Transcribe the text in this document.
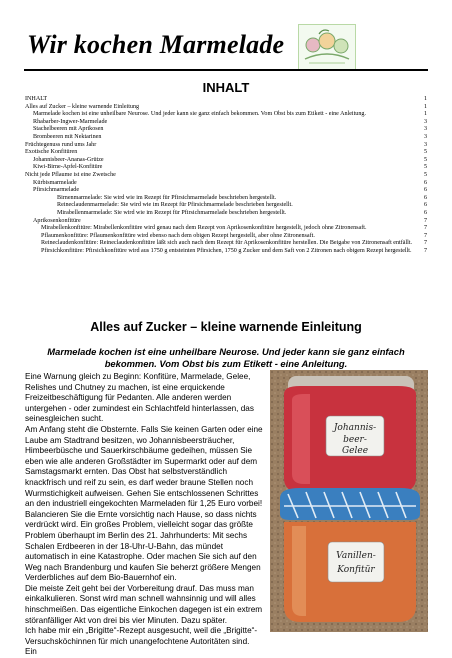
Wir kochen Marmelade
INHALT
INHALT	1
Alles auf Zucker – kleine warnende Einleitung	1
Marmelade kochen ist eine unheilbare Neurose. Und jeder kann sie ganz einfach bekommen. Vom Obst bis zum Etikett - eine Anleitung.	1
Rhabarber-Ingwer-Marmelade	3
Stachelbeeren mit Aprikosen	3
Brombeeren mit Nektarinen	3
Früchtegenuss rund ums Jahr	3
Exotische Konfitüren	5
Johannisbeer-Ananas-Grütze	5
Kiwi-Birne-Apfel-Konfitüre	5
Nicht jede Pflaume ist eine Zwetsche	5
Kürbismarmelade	6
Pfirsichmarmelade	6
Birnenmarmelade: Sie wird wie im Rezept für Pfirsichmarmelade beschrieben hergestellt.	6
Reineclaudenmarmelade: Sie wird wie im Rezept für Pfirsichmarmelade beschrieben hergestellt.	6
Mirabellenmarmelade: Sie wird wie im Rezept für Pfirsichmarmelade beschrieben hergestellt.	6
Aprikosenkonfitüre	7
Mirabellenkonfitüre: Mirabellenkonfitüre wird genau nach dem Rezept von Aprikosenkonfitüre hergestellt, jedoch ohne Zitronensaft.	7
Pflaumenkonfitüre: Pflaumenkonfitüre wird ebenso nach dem obigen Rezept hergestellt, aber ohne Zitronensaft.	7
Reineclaudenkonfitüre: Reineclaudenkonfitüre läßt sich auch nach dem Rezept für Aprikosenkonfitüre herstellen. Die Beigabe von Zitronensaft entfällt. 7
Pfirsichkonfitüre: Pfirsichkonfitüre wird aus 1750 g entsteinten Pfirsichen, 1750 g Zucker und dem Saft von 2 Zitronen nach obigem Rezept hergestellt. 7
Alles auf Zucker – kleine warnende Einleitung
Marmelade kochen ist eine unheilbare Neurose. Und jeder kann sie ganz einfach bekommen. Vom Obst bis zum Etikett - eine Anleitung.

Eine Warnung gleich zu Beginn: Konfitüre, Marmelade, Gelee, Relishes und Chutney zu machen, ist eine erquickende Freizeitbeschäftigung für Pedanten. Alle anderen werden untergehen - oder zumindest ein Schlachtfeld hinterlassen, das seinesgleichen sucht.

Am Anfang steht die Obsternte. Falls Sie keinen Garten oder eine Laube am Stadtrand besitzen, wo Johannisbeersträucher, Himbeerbüsche und Sauerkirschbäume gedeihen, müssen Sie eben wie alle anderen Großstädter im Supermarkt oder auf dem Samstagsmarkt ernten. Das Obst hat selbstverständlich knackfrisch und reif zu sein, es darf weder braune Stellen noch Wurmstichigkeit aufweisen. Gehen Sie entschlossenen Schrittes an den industriell eingekochten Marmeladen für 1,25 Euro vorbei! Balancieren Sie die Ernte vorsichtig nach Hause, so dass nichts verdrückt wird. Ein großes Problem, vielleicht sogar das größte Problem überhaupt im Berlin des 21. Jahrhunderts: Mit sechs Schalen Erdbeeren in der 18-Uhr-U-Bahn, das mündet automatisch in eine Katastrophe. Oder machen Sie sich auf den Weg nach Brandenburg und kaufen Sie beherzt größere Mengen Verderbliches auf dem Bio-Bauernhof ein.

Die meiste Zeit geht bei der Vorbereitung drauf. Das muss man einkalkulieren. Sonst wird man schnell wahnsinnig und will alles hinschmeißen. Das eigentliche Einkochen dagegen ist ein extrem störanfälliger Akt von drei bis vier Minuten. Dazu später.

Ich habe mir ein „Brigitte“-Rezept ausgesucht, weil die „Brigitte“-Versuchsköchinnen für mich unangefochtene Autoritäten sind. Ein

Johannis-
beer-
Gelee
Vanillen-
Konfitür
